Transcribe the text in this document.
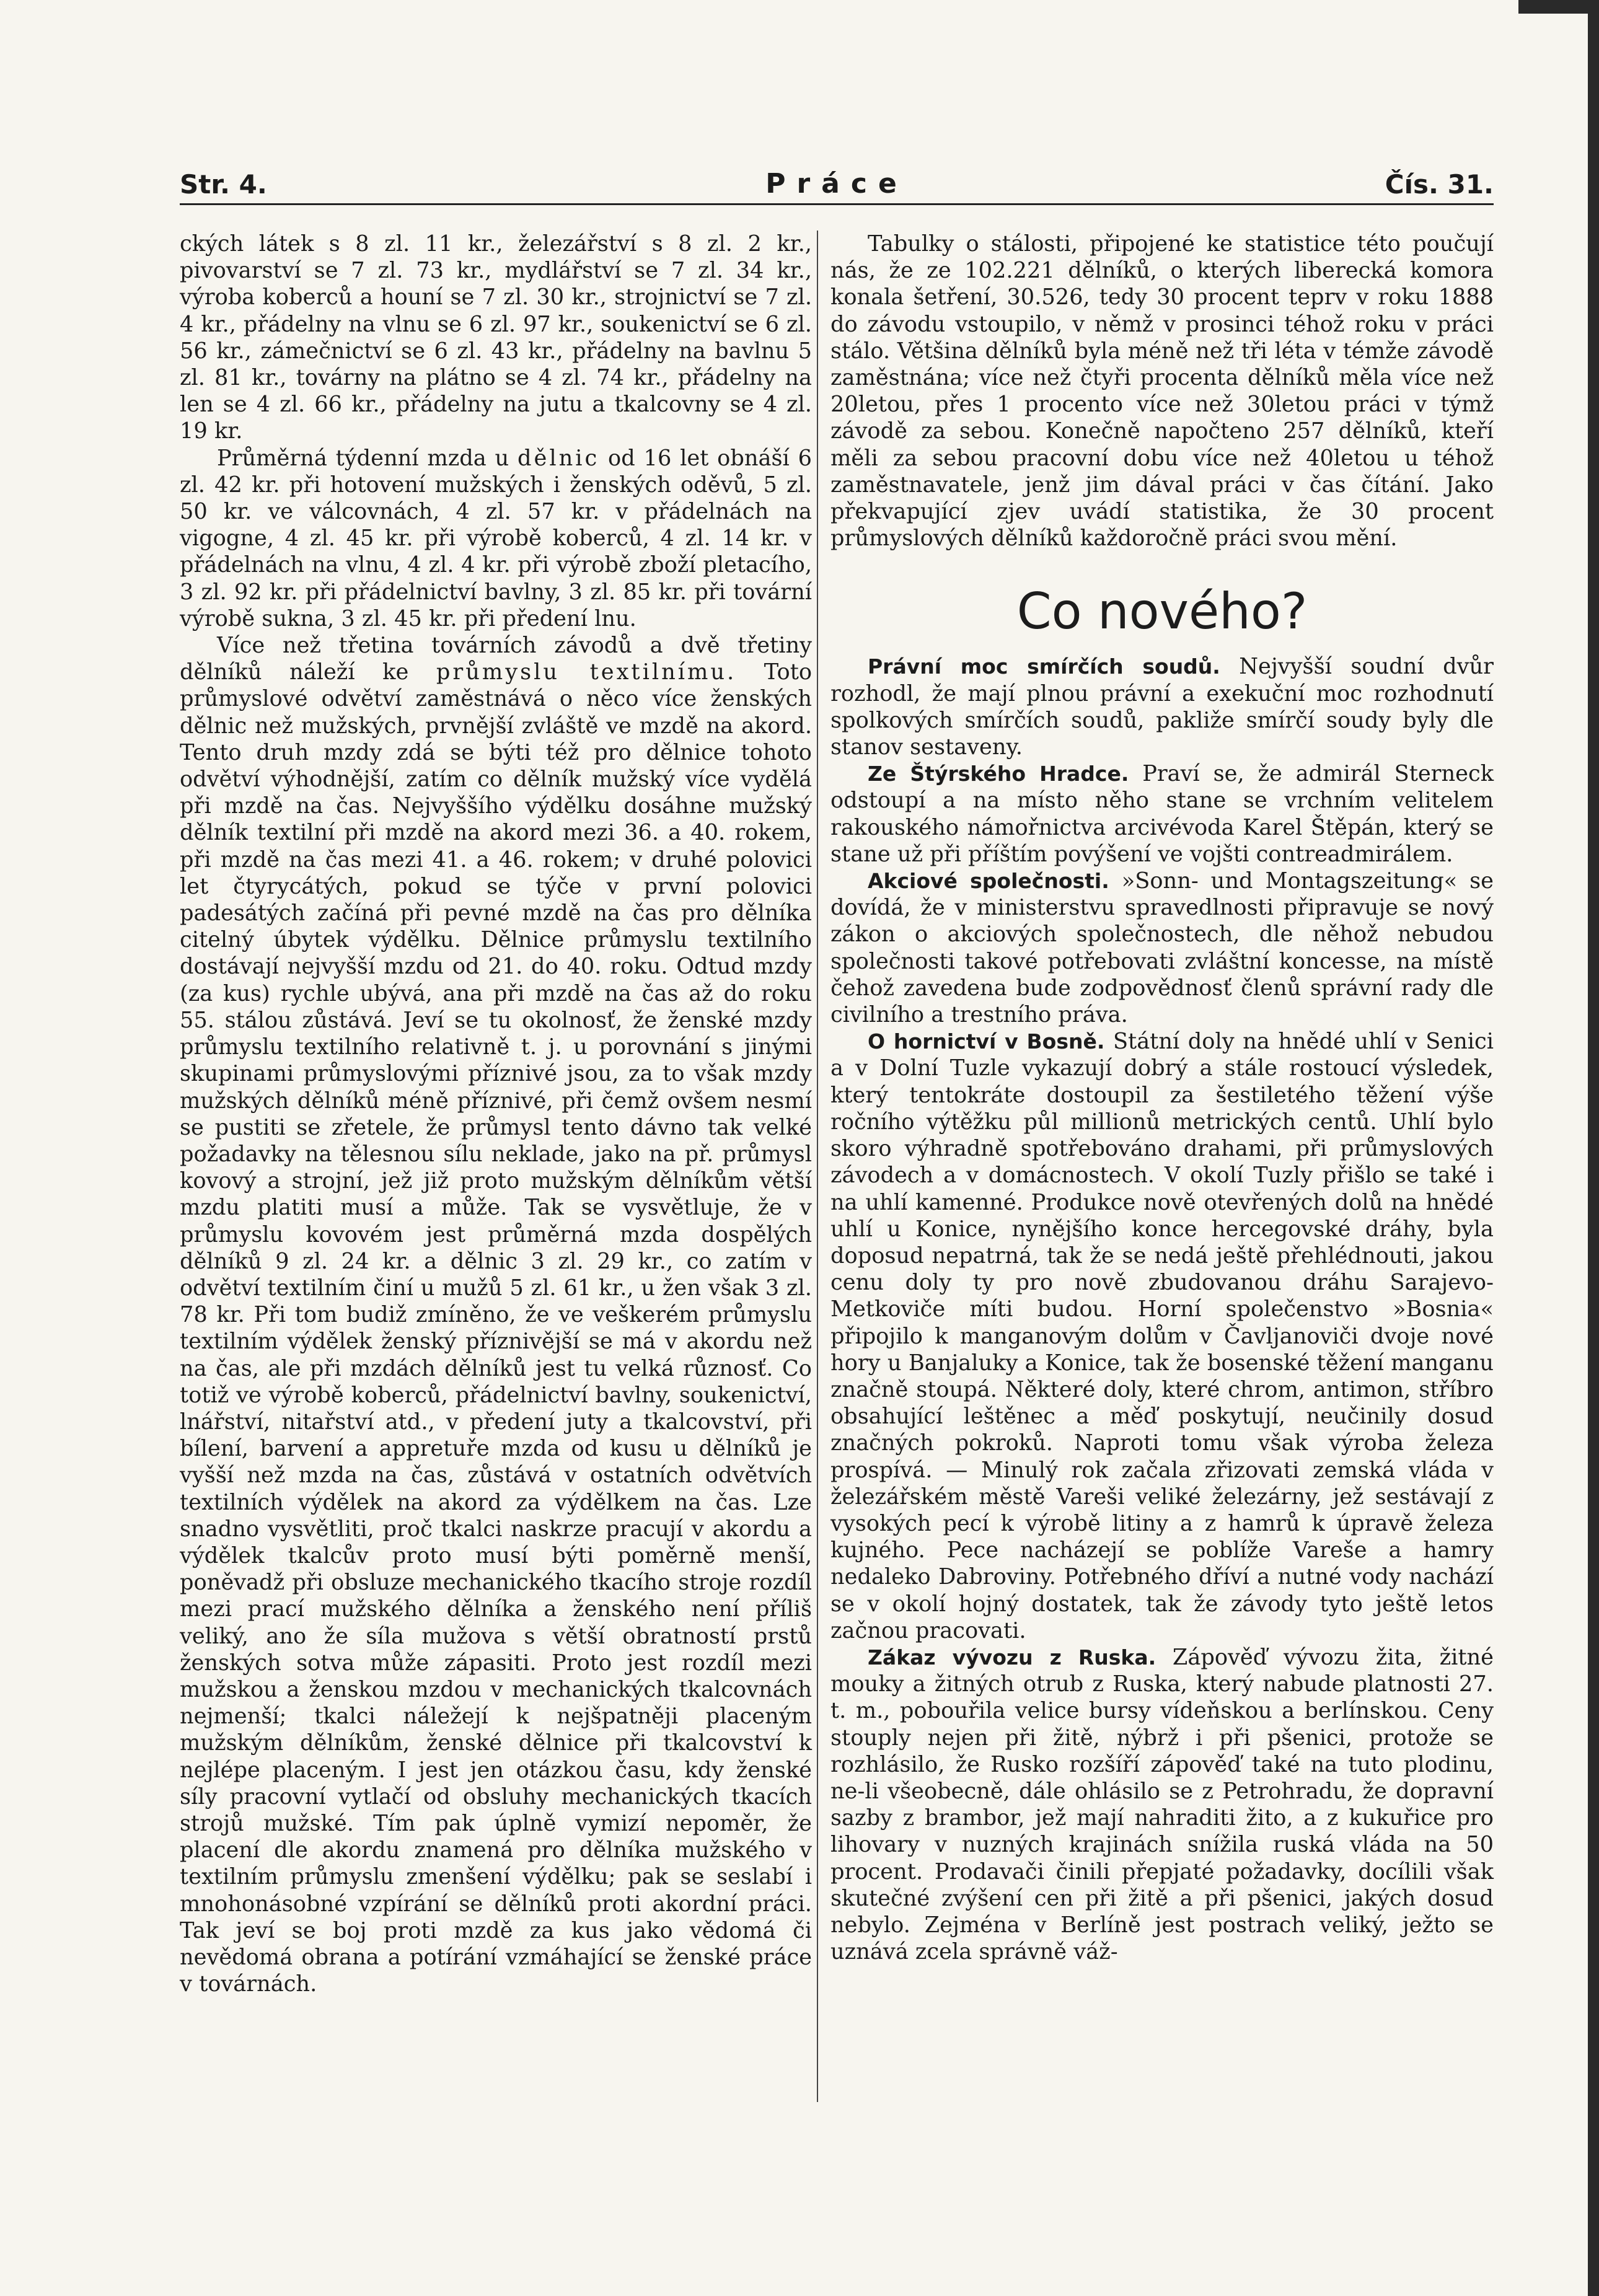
Str. 4.	Práce	Čís. 31.

ckých látek s 8 zl. 11 kr., železářství s 8 zl. 2 kr., pivovarství se 7 zl. 73 kr., mydlářství se 7 zl. 34 kr., výroba koberců a houní se 7 zl. 30 kr., strojnictví se 7 zl. 4 kr., přádelny na vlnu se 6 zl. 97 kr., soukenictví se 6 zl. 56 kr., zámečnictví se 6 zl. 43 kr., přádelny na bavlnu 5 zl. 81 kr., továrny na plátno se 4 zl. 74 kr., přádelny na len se 4 zl. 66 kr., přádelny na jutu a tkalcovny se 4 zl. 19 kr.

Průměrná týdenní mzda u dělnic od 16 let obnáší 6 zl. 42 kr. při hotovení mužských i ženských oděvů, 5 zl. 50 kr. ve válcovnách, 4 zl. 57 kr. v přádelnách na vigogne, 4 zl. 45 kr. při výrobě koberců, 4 zl. 14 kr. v přádelnách na vlnu, 4 zl. 4 kr. při výrobě zboží pletacího, 3 zl. 92 kr. při přádelnictví bavlny, 3 zl. 85 kr. při tovární výrobě sukna, 3 zl. 45 kr. při předení lnu.

Více než třetina továrních závodů a dvě třetiny dělníků náleží ke průmyslu textilnímu. Toto průmyslové odvětví zaměstnává o něco více ženských dělnic než mužských, prvnější zvláště ve mzdě na akord. Tento druh mzdy zdá se býti též pro dělnice tohoto odvětví výhodnější, zatím co dělník mužský více vydělá při mzdě na čas. Nejvyššího výdělku dosáhne mužský dělník textilní při mzdě na akord mezi 36. a 40. rokem, při mzdě na čas mezi 41. a 46. rokem; v druhé polovici let čtyrycátých, pokud se týče v první polovici padesátých začíná při pevné mzdě na čas pro dělníka citelný úbytek výdělku. Dělnice průmyslu textilního dostávají nejvyšší mzdu od 21. do 40. roku. Odtud mzdy (za kus) rychle ubývá, ana při mzdě na čas až do roku 55. stálou zůstává. Jeví se tu okolnosť, že ženské mzdy průmyslu textilního relativně t. j. u porovnání s jinými skupinami průmyslovými příznivé jsou, za to však mzdy mužských dělníků méně příznivé, při čemž ovšem nesmí se pustiti se zřetele, že průmysl tento dávno tak velké požadavky na tělesnou sílu neklade, jako na př. průmysl kovový a strojní, jež již proto mužským dělníkům větší mzdu platiti musí a může. Tak se vysvětluje, že v průmyslu kovovém jest průměrná mzda dospělých dělníků 9 zl. 24 kr. a dělnic 3 zl. 29 kr., co zatím v odvětví textilním činí u mužů 5 zl. 61 kr., u žen však 3 zl. 78 kr. Při tom budiž zmíněno, že ve veškerém průmyslu textilním výdělek ženský příznivější se má v akordu než na čas, ale při mzdách dělníků jest tu velká různosť. Co totiž ve výrobě koberců, přádelnictví bavlny, soukenictví, lnářství, nitařství atd., v předení juty a tkalcovství, při bílení, barvení a appretuře mzda od kusu u dělníků je vyšší než mzda na čas, zůstává v ostatních odvětvích textilních výdělek na akord za výdělkem na čas. Lze snadno vysvětliti, proč tkalci naskrze pracují v akordu a výdělek tkalcův proto musí býti poměrně menší, poněvadž při obsluze mechanického tkacího stroje rozdíl mezi prací mužského dělníka a ženského není příliš veliký, ano že síla mužova s větší obratností prstů ženských sotva může zápasiti. Proto jest rozdíl mezi mužskou a ženskou mzdou v mechanických tkalcovnách nejmenší; tkalci náležejí k nejšpatněji placeným mužským dělníkům, ženské dělnice při tkalcovství k nejlépe placeným. I jest jen otázkou času, kdy ženské síly pracovní vytlačí od obsluhy mechanických tkacích strojů mužské. Tím pak úplně vymizí nepoměr, že placení dle akordu znamená pro dělníka mužského v textilním průmyslu zmenšení výdělku; pak se seslabí i mnohonásobné vzpírání se dělníků proti akordní práci. Tak jeví se boj proti mzdě za kus jako vědomá či nevědomá obrana a potírání vzmáhající se ženské práce v továrnách.

Tabulky o stálosti, připojené ke statistice této poučují nás, že ze 102.221 dělníků, o kterých liberecká komora konala šetření, 30.526, tedy 30 procent teprv v roku 1888 do závodu vstoupilo, v němž v prosinci téhož roku v práci stálo. Většina dělníků byla méně než tři léta v témže závodě zaměstnána; více než čtyři procenta dělníků měla více než 20letou, přes 1 procento více než 30letou práci v týmž závodě za sebou. Konečně napočteno 257 dělníků, kteří měli za sebou pracovní dobu více než 40letou u téhož zaměstnavatele, jenž jim dával práci v čas čítání. Jako překvapující zjev uvádí statistika, že 30 procent průmyslových dělníků každoročně práci svou mění.

Co nového?

Právní moc smírčích soudů. Nejvyšší soudní dvůr rozhodl, že mají plnou právní a exekuční moc rozhodnutí spolkových smírčích soudů, pakliže smírčí soudy byly dle stanov sestaveny.

Ze Štýrského Hradce. Praví se, že admirál Sterneck odstoupí a na místo něho stane se vrchním velitelem rakouského námořnictva arcivévoda Karel Štěpán, který se stane už při příštím povýšení ve vojšti contreadmirálem.

Akciové společnosti. »Sonn- und Montagszeitung« se dovídá, že v ministerstvu spravedlnosti připravuje se nový zákon o akciových společnostech, dle něhož nebudou společnosti takové potřebovati zvláštní koncesse, na místě čehož zavedena bude zodpovědnosť členů správní rady dle civilního a trestního práva.

O hornictví v Bosně. Státní doly na hnědé uhlí v Senici a v Dolní Tuzle vykazují dobrý a stále rostoucí výsledek, který tentokráte dostoupil za šestiletého těžení výše ročního výtěžku půl millionů metrických centů. Uhlí bylo skoro výhradně spotřebováno drahami, při průmyslových závodech a v domácnostech. V okolí Tuzly přišlo se také i na uhlí kamenné. Produkce nově otevřených dolů na hnědé uhlí u Konice, nynějšího konce hercegovské dráhy, byla doposud nepatrná, tak že se nedá ještě přehlédnouti, jakou cenu doly ty pro nově zbudovanou dráhu Sarajevo-Metkoviče míti budou. Horní společenstvo »Bosnia« připojilo k manganovým dolům v Čavljanoviči dvoje nové hory u Banjaluky a Konice, tak že bosenské těžení manganu značně stoupá. Některé doly, které chrom, antimon, stříbro obsahující leštěnec a měď poskytují, neučinily dosud značných pokroků. Naproti tomu však výroba železa prospívá. — Minulý rok začala zřizovati zemská vláda v železářském městě Vareši veliké železárny, jež sestávají z vysokých pecí k výrobě litiny a z hamrů k úpravě železa kujného. Pece nacházejí se poblíže Vareše a hamry nedaleko Dabroviny. Potřebného dříví a nutné vody nachází se v okolí hojný dostatek, tak že závody tyto ještě letos začnou pracovati.

Zákaz vývozu z Ruska. Zápověď vývozu žita, žitné mouky a žitných otrub z Ruska, který nabude platnosti 27. t. m., pobouřila velice bursy vídeňskou a berlínskou. Ceny stouply nejen při žitě, nýbrž i při pšenici, protože se rozhlásilo, že Rusko rozšíří zápověď také na tuto plodinu, ne-li všeobecně, dále ohlásilo se z Petrohradu, že dopravní sazby z brambor, jež mají nahraditi žito, a z kukuřice pro lihovary v nuzných krajinách snížila ruská vláda na 50 procent. Prodavači činili přepjaté požadavky, docílili však skutečné zvýšení cen při žitě a při pšenici, jakých dosud nebylo. Zejména v Berlíně jest postrach veliký, ježto se uznává zcela správně váž-
